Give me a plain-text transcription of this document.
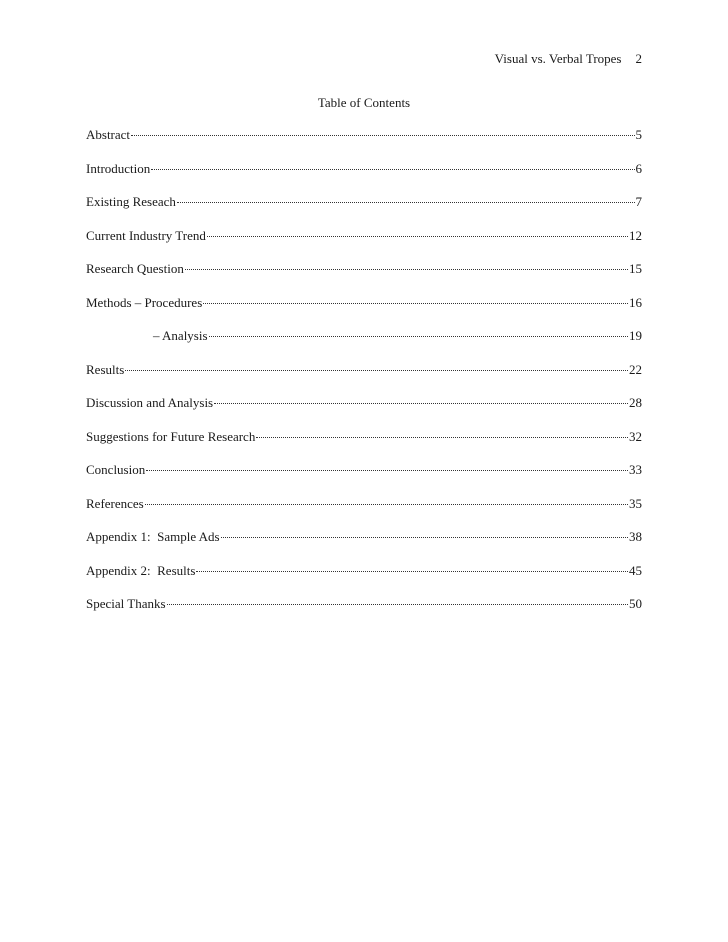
Visual vs. Verbal Tropes 2
Table of Contents
Abstract	5
Introduction	6
Existing Reseach	7
Current Industry Trend	12
Research Question	15
Methods – Procedures	16
– Analysis	19
Results	22
Discussion and Analysis	28
Suggestions for Future Research	32
Conclusion	33
References	35
Appendix 1:  Sample Ads	38
Appendix 2:  Results	45
Special Thanks	50
